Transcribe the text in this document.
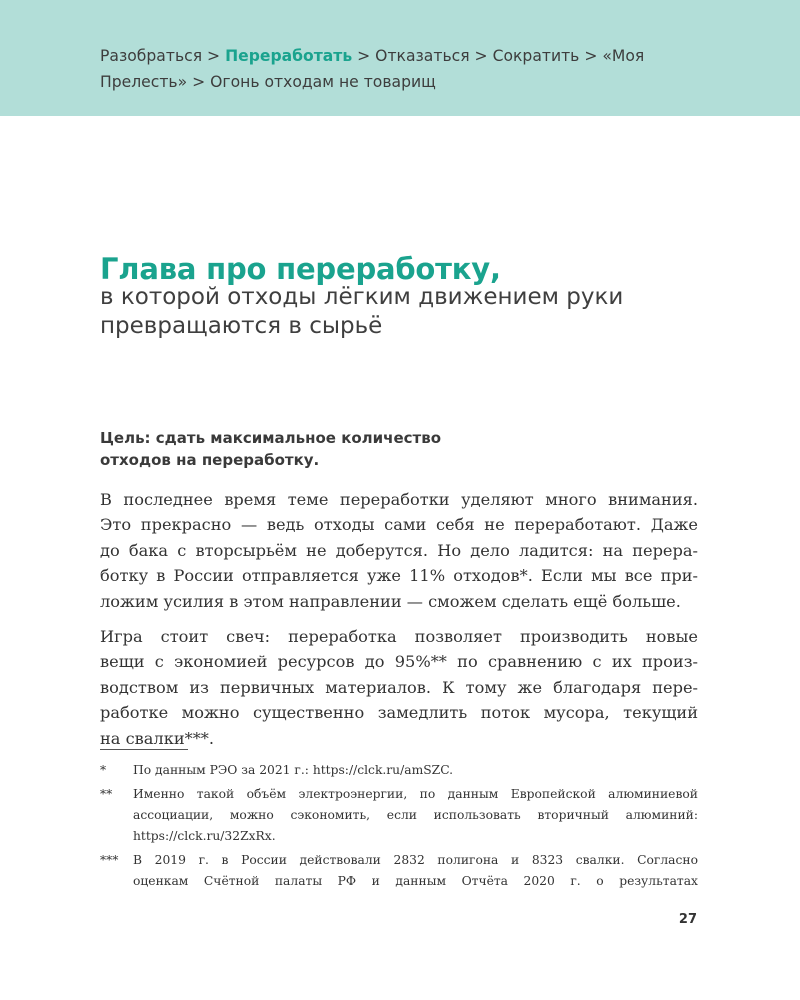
Разобраться > Переработать > Отказаться > Сократить > «Моя
Прелесть» > Огонь отходам не товарищ
Глава про переработку,
в которой отходы лёгким движением руки
превращаются в сырьё
Цель: сдать максимальное количество
отходов на переработку.
В последнее время теме переработки уделяют много внимания.
Это прекрасно — ведь отходы сами себя не переработают. Даже
до бака с вторсырьём не доберутся. Но дело ладится: на перера-
ботку в России отправляется уже 11% отходов*. Если мы все при-
ложим усилия в этом направлении — сможем сделать ещё больше.
Игра стоит свеч: переработка позволяет производить новые
вещи с экономией ресурсов до 95%** по сравнению с их произ-
водством из первичных материалов. К тому же благодаря пере-
работке можно существенно замедлить поток мусора, текущий
на свалки***.
* По данным РЭО за 2021 г.: https://clck.ru/amSZC.
** Именно такой объём электроэнергии, по данным Европейской алюминиевой
ассоциации, можно сэкономить, если использовать вторичный алюминий:
https://clck.ru/32ZxRx.
*** В 2019 г. в России действовали 2832 полигона и 8323 свалки. Согласно
оценкам Счётной палаты РФ и данным Отчёта 2020 г. о результатах
27
